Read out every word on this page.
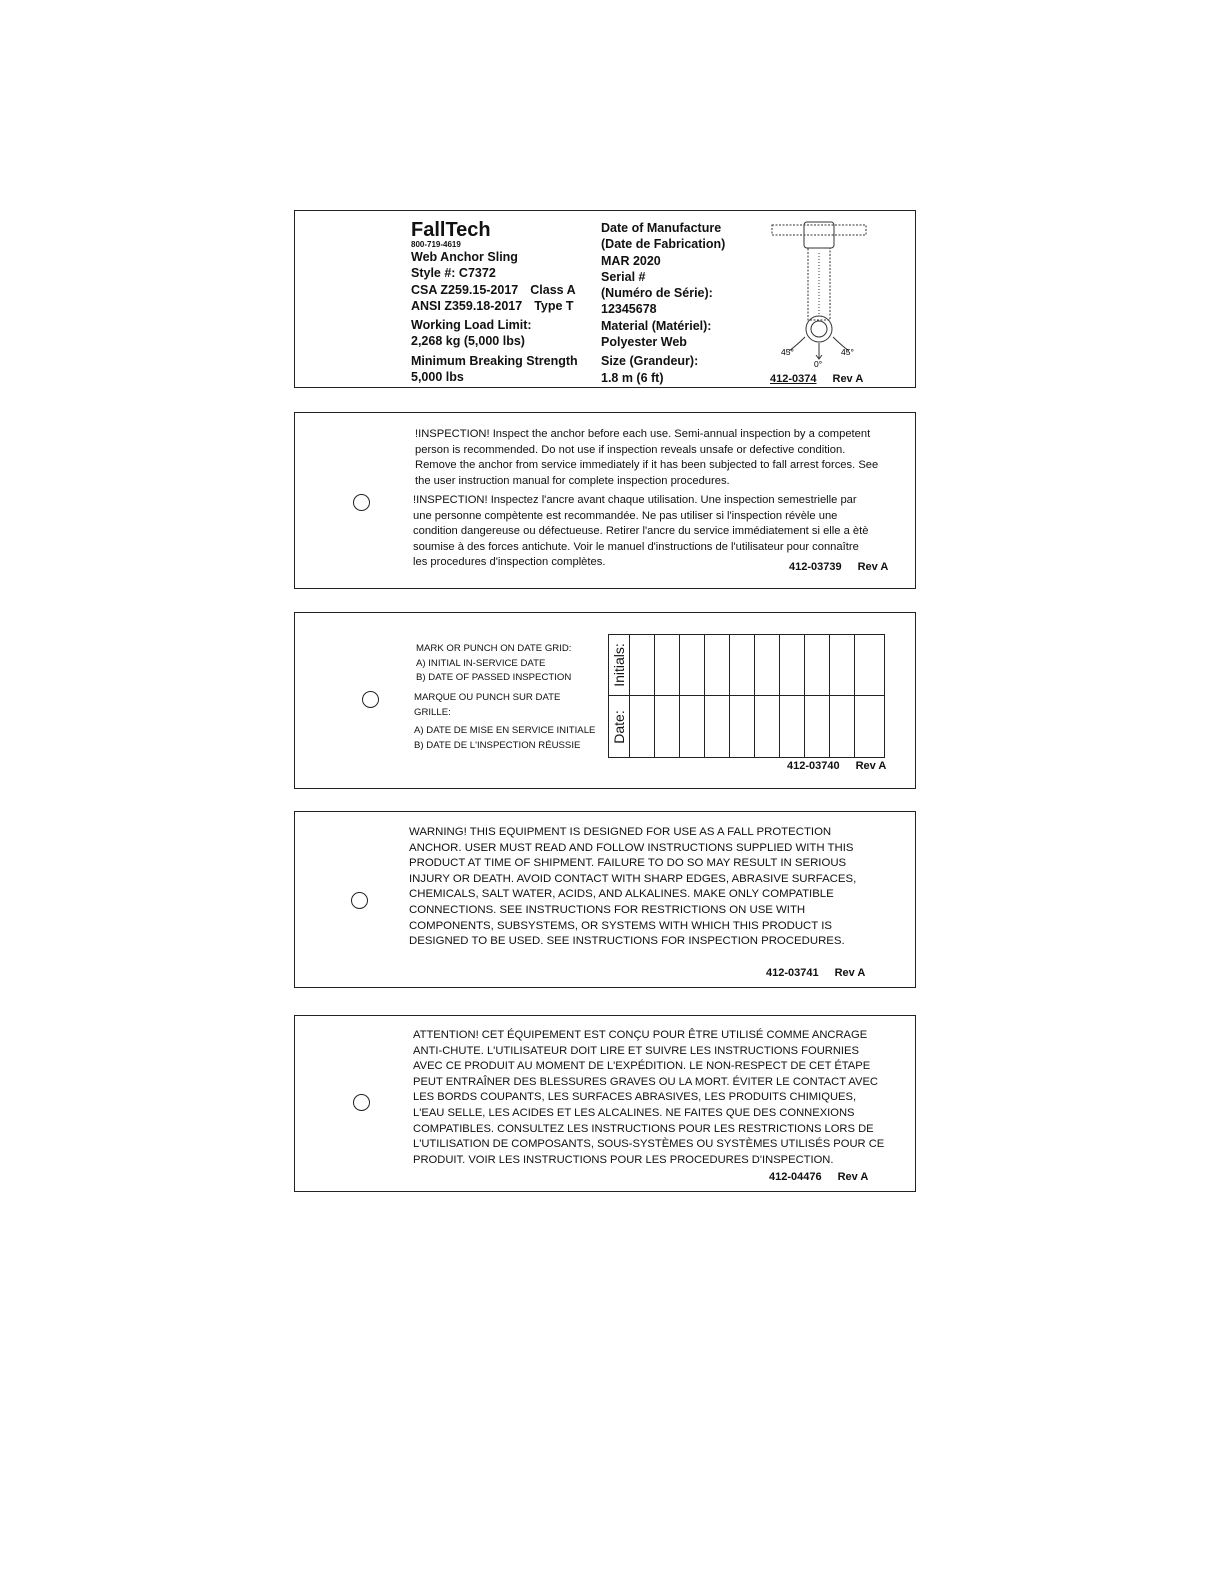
FallTech
800-719-4619
Web Anchor Sling
Style #: C7372
CSA Z259.15-2017 Class A
ANSI Z359.18-2017 Type T
Working Load Limit:
2,268 kg (5,000 lbs)
Minimum Breaking Strength
5,000 lbs
Date of Manufacture
(Date de Fabrication)
MAR 2020
Serial #
(Numéro de Série):
12345678
Material (Matériel):
Polyester Web
Size (Grandeur):
1.8 m (6 ft)
45°
0°
45°
412-0374 Rev A
!INSPECTION! Inspect the anchor before each use. Semi-annual inspection by a competent person is recommended. Do not use if inspection reveals unsafe or defective condition. Remove the anchor from service immediately if it has been subjected to fall arrest forces. See the user instruction manual for complete inspection procedures.
!INSPECTION! Inspectez l'ancre avant chaque utilisation. Une inspection semestrielle par une personne compètente est recommandée. Ne pas utiliser si l'inspection révèle une condition dangereuse ou défectueuse. Retirer l'ancre du service immédiatement si elle a ètè soumise à des forces antichute. Voir le manuel d'instructions de l'utilisateur pour connaître les procedures d'inspection complètes.	412-03739 Rev A
MARK OR PUNCH ON DATE GRID:
A) INITIAL IN-SERVICE DATE
B) DATE OF PASSED INSPECTION
MARQUE OU PUNCH SUR DATE
GRILLE:
A) DATE DE MISE EN SERVICE INITIALE
B) DATE DE L'INSPECTION RÉUSSIE
Initials:
Date:
412-03740 Rev A
WARNING! THIS EQUIPMENT IS DESIGNED FOR USE AS A FALL PROTECTION ANCHOR. USER MUST READ AND FOLLOW INSTRUCTIONS SUPPLIED WITH THIS PRODUCT AT TIME OF SHIPMENT. FAILURE TO DO SO MAY RESULT IN SERIOUS INJURY OR DEATH. AVOID CONTACT WITH SHARP EDGES, ABRASIVE SURFACES, CHEMICALS, SALT WATER, ACIDS, AND ALKALINES. MAKE ONLY COMPATIBLE CONNECTIONS. SEE INSTRUCTIONS FOR RESTRICTIONS ON USE WITH COMPONENTS, SUBSYSTEMS, OR SYSTEMS WITH WHICH THIS PRODUCT IS DESIGNED TO BE USED. SEE INSTRUCTIONS FOR INSPECTION PROCEDURES.
412-03741 Rev A
ATTENTION! CET ÉQUIPEMENT EST CONÇU POUR ÊTRE UTILISÉ COMME ANCRAGE ANTI-CHUTE. L'UTILISATEUR DOIT LIRE ET SUIVRE LES INSTRUCTIONS FOURNIES AVEC CE PRODUIT AU MOMENT DE L'EXPÉDITION. LE NON-RESPECT DE CET ÉTAPE PEUT ENTRAÎNER DES BLESSURES GRAVES OU LA MORT. ÉVITER LE CONTACT AVEC LES BORDS COUPANTS, LES SURFACES ABRASIVES, LES PRODUITS CHIMIQUES, L'EAU SELLE, LES ACIDES ET LES ALCALINES. NE FAITES QUE DES CONNEXIONS COMPATIBLES. CONSULTEZ LES INSTRUCTIONS POUR LES RESTRICTIONS LORS DE L'UTILISATION DE COMPOSANTS, SOUS-SYSTÈMES OU SYSTÈMES UTILISÉS POUR CE PRODUIT. VOIR LES INSTRUCTIONS POUR LES PROCEDURES D'INSPECTION.
412-04476 Rev A
